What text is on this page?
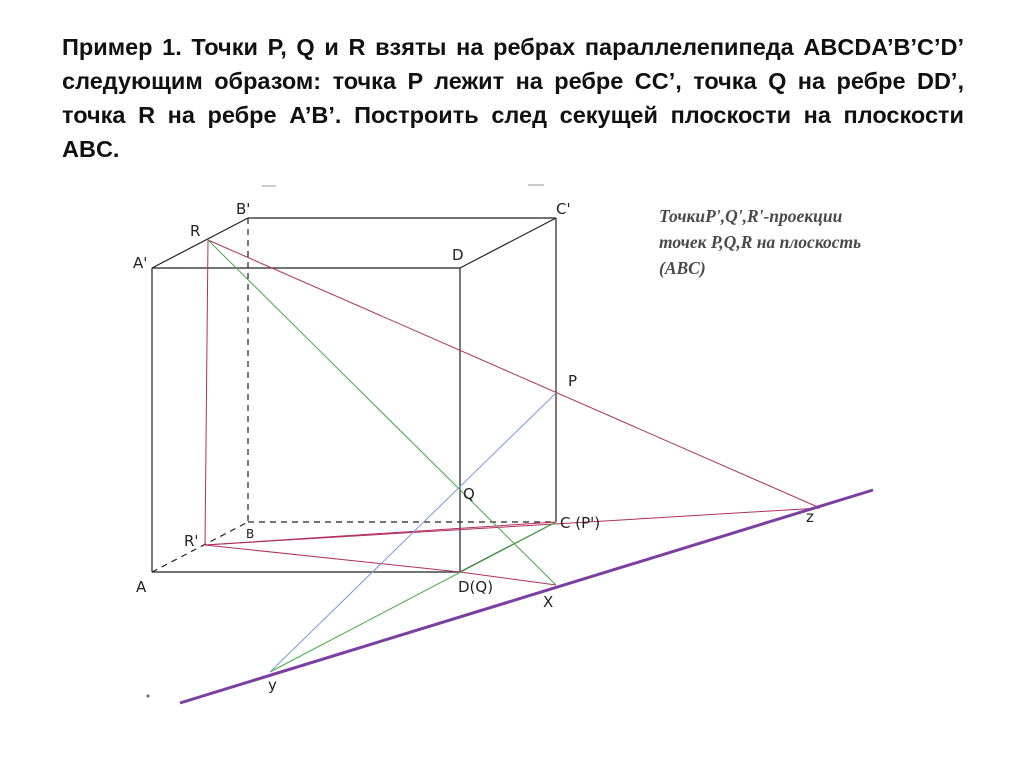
Пример 1. Точки P, Q и R взяты на ребрах параллелепипеда ABCDA’B’C’D’ следующим образом: точка P лежит на ребре CC’, точка Q на ребре DD’, точка R на ребре A’B’. Построить след секущей плоскости на плоскости ABC.

ТочкиP',Q',R'-проекции
точек P,Q,R на плоскость
(ABC)
A'
B'	C'
D
R
P
Q
A
B
C (P')
D(Q)
R'
X
y
z
